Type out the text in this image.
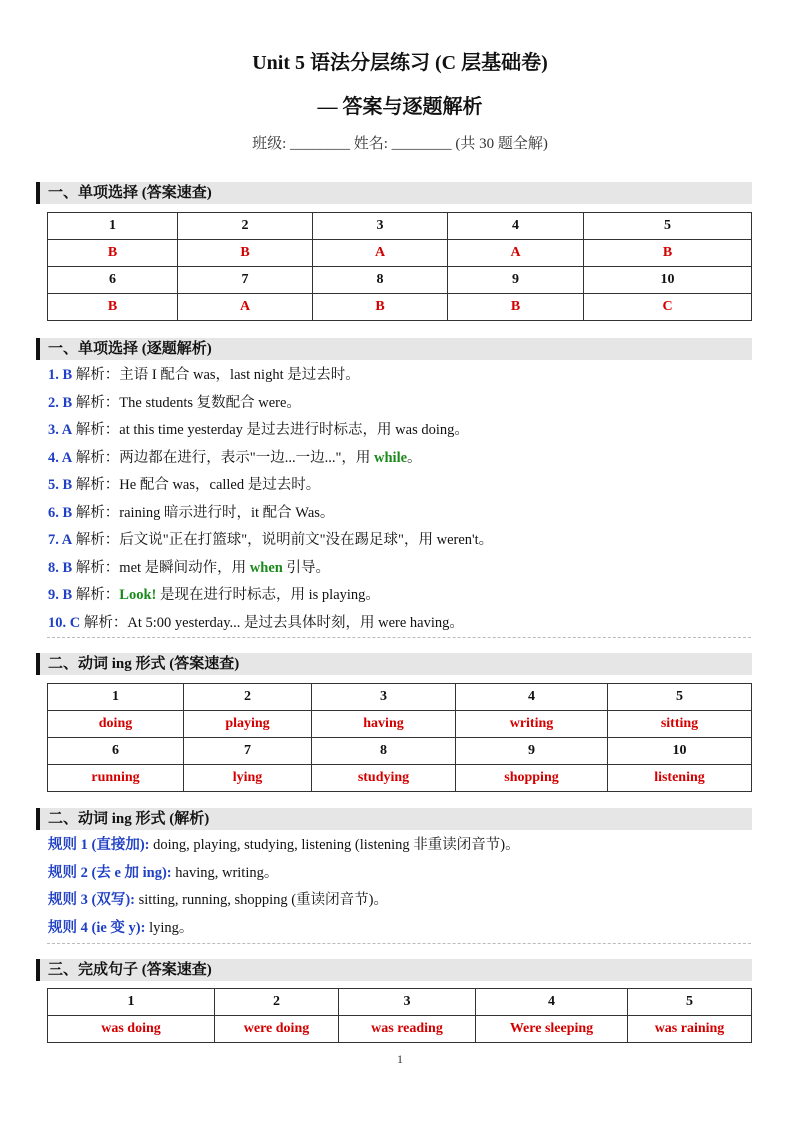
Unit 5 语法分层练习 (C 层基础卷)
— 答案与逐题解析
班级: ________ 姓名: ________ (共 30 题全解)
一、单项选择 (答案速查)
1	2	3	4	5
B	B	A	A	B
6	7	8	9	10
B	A	B	B	C
一、单项选择 (逐题解析)
1. B 解析：主语 I 配合 was，last night 是过去时。
2. B 解析：The students 复数配合 were。
3. A 解析：at this time yesterday 是过去进行时标志，用 was doing。
4. A 解析：两边都在进行，表示"一边...一边..."，用 while。
5. B 解析：He 配合 was，called 是过去时。
6. B 解析：raining 暗示进行时，it 配合 Was。
7. A 解析：后文说"正在打篮球"，说明前文"没在踢足球"，用 weren't。
8. B 解析：met 是瞬间动作，用 when 引导。
9. B 解析：Look! 是现在进行时标志，用 is playing。
10. C 解析：At 5:00 yesterday... 是过去具体时刻，用 were having。
二、动词 ing 形式 (答案速查)
1	2	3	4	5
doing	playing	having	writing	sitting
6	7	8	9	10
running	lying	studying	shopping	listening
二、动词 ing 形式 (解析)
规则 1 (直接加): doing, playing, studying, listening (listening 非重读闭音节)。
规则 2 (去 e 加 ing): having, writing。
规则 3 (双写): sitting, running, shopping (重读闭音节)。
规则 4 (ie 变 y): lying。
三、完成句子 (答案速查)
1	2	3	4	5
was doing	were doing	was reading	Were sleeping	was raining
1
